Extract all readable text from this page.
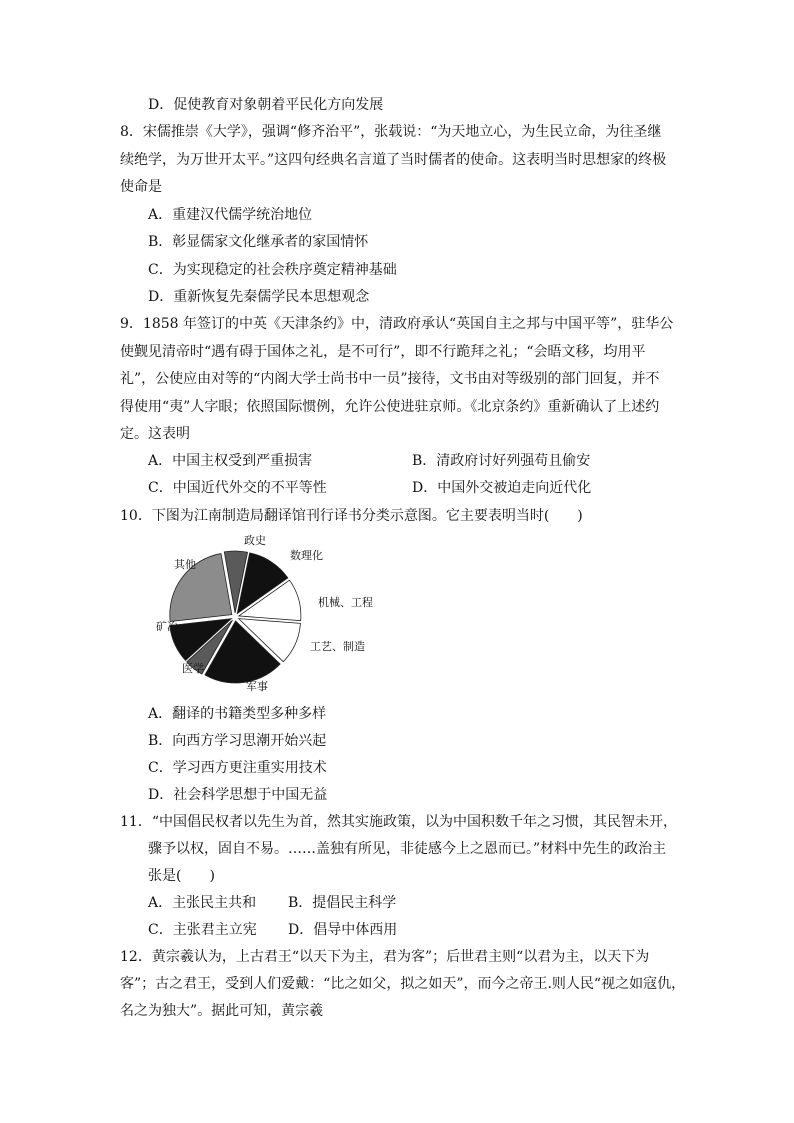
D．促使教育对象朝着平民化方向发展
8．宋儒推崇《大学》，强调“修齐治平”，张载说：“为天地立心，为生民立命，为往圣继
续绝学，为万世开太平。”这四句经典名言道了当时儒者的使命。这表明当时思想家的终极
使命是
A．重建汉代儒学统治地位
B．彰显儒家文化继承者的家国情怀
C．为实现稳定的社会秩序奠定精神基础
D．重新恢复先秦儒学民本思想观念
9．1858 年签订的中英《天津条约》中，清政府承认“英国自主之邦与中国平等”，驻华公
使觐见清帝时“遇有碍于国体之礼，是不可行”，即不行跪拜之礼；“会晤文移，均用平
礼”，公使应由对等的“内阁大学士尚书中一员”接待，文书由对等级别的部门回复，并不
得使用“夷”人字眼；依照国际惯例，允许公使进驻京师。《北京条约》重新确认了上述约
定。这表明
A．中国主权受到严重损害	B．清政府讨好列强苟且偷安
C．中国近代外交的不平等性	D．中国外交被迫走向近代化
10．下图为江南制造局翻译馆刊行译书分类示意图。它主要表明当时(　　)
政史
数理化
机械、工程
工艺、制造
军事
医学
矿冶
其他
A．翻译的书籍类型多种多样
B．向西方学习思潮开始兴起
C．学习西方更注重实用技术
D．社会科学思想于中国无益
11．“中国倡民权者以先生为首，然其实施政策，以为中国积数千年之习惯，其民智未开，
骤予以权，固自不易。……盖独有所见，非徒感今上之恩而已。”材料中先生的政治主
张是(　　)
A．主张民主共和 B．提倡民主科学
C．主张君主立宪 D．倡导中体西用
12．黄宗羲认为，上古君王“以天下为主，君为客”；后世君主则“以君为主，以天下为
客”；古之君王，受到人们爱戴：“比之如父，拟之如天”，而今之帝王.则人民“视之如寇仇，
名之为独大”。据此可知，黄宗羲
